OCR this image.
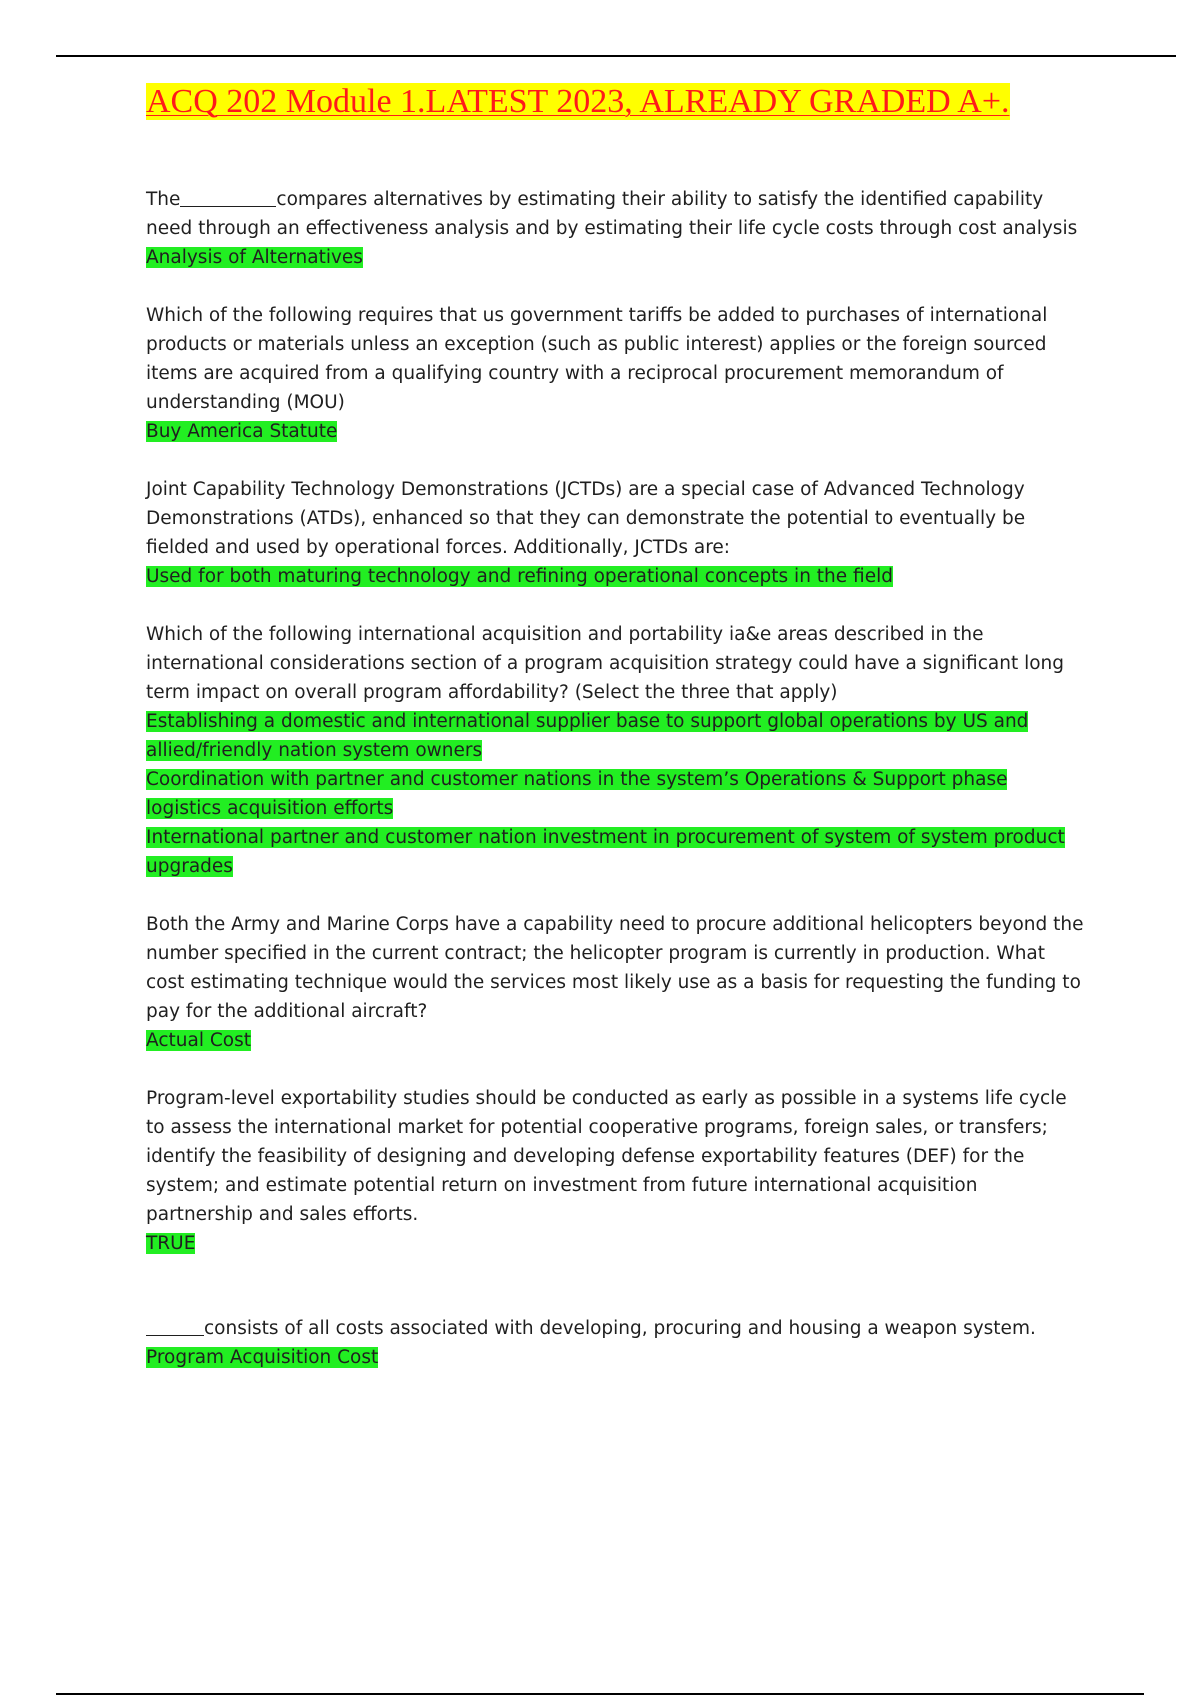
ACQ 202 Module 1.LATEST 2023, ALREADY GRADED A+.

The	compares alternatives by estimating their ability to satisfy the identified capability need through an effectiveness analysis and by estimating their life cycle costs through cost analysis

Analysis of Alternatives

Which of the following requires that us government tariffs be added to purchases of international products or materials unless an exception (such as public interest) applies or the foreign sourced items are acquired from a qualifying country with a reciprocal procurement memorandum of understanding (MOU)

Buy America Statute

Joint Capability Technology Demonstrations (JCTDs) are a special case of Advanced Technology Demonstrations (ATDs), enhanced so that they can demonstrate the potential to eventually be fielded and used by operational forces. Additionally, JCTDs are:

Used for both maturing technology and refining operational concepts in the field

Which of the following international acquisition and portability ia&e areas described in the international considerations section of a program acquisition strategy could have a significant long term impact on overall program affordability? (Select the three that apply)

Establishing a domestic and international supplier base to support global operations by US and allied/friendly nation system owners

Coordination with partner and customer nations in the system’s Operations & Support phase logistics acquisition efforts

International partner and customer nation investment in procurement of system of system product upgrades

Both the Army and Marine Corps have a capability need to procure additional helicopters beyond the number specified in the current contract; the helicopter program is currently in production. What cost estimating technique would the services most likely use as a basis for requesting the funding to pay for the additional aircraft?

Actual Cost

Program-level exportability studies should be conducted as early as possible in a systems life cycle to assess the international market for potential cooperative programs, foreign sales, or transfers; identify the feasibility of designing and developing defense exportability features (DEF) for the system; and estimate potential return on investment from future international acquisition partnership and sales efforts.

TRUE

consists of all costs associated with developing, procuring and housing a weapon system. Program Acquisition Cost
